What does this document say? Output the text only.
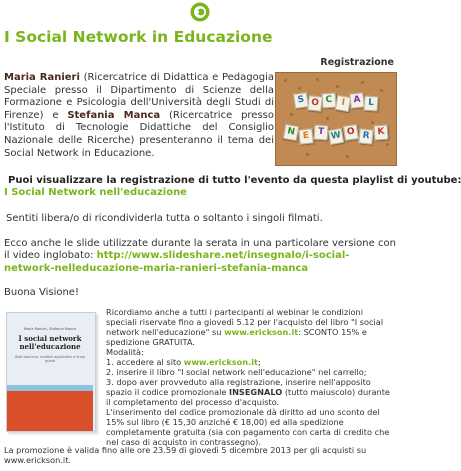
I Social Network in Educazione
Registrazione
Maria Ranieri (Ricercatrice di Didattica e Pedagogia Speciale presso il Dipartimento di Scienze della Formazione e Psicologia dell'Università degli Studi di Firenze) e Stefania Manca (Ricercatrice presso l'Istituto di Tecnologie Didattiche del Consiglio Nazionale delle Ricerche) presenteranno il tema dei Social Network in Educazione.
S O C I A L
N E T W O R K
Puoi visualizzare la registrazione di tutto l'evento da questa playlist di youtube:
I Social Network nell'educazione
Sentiti libera/o di ricondividerla tutta o soltanto i singoli filmati.
Ecco anche le slide utilizzate durante la serata in una particolare versione con il video inglobato: http://www.slideshare.net/insegnalo/i-social-network-nelleducazione-maria-ranieri-stefania-manca
Buona Visione!
Maria Ranieri, Stefania Manca
I social network nell'educazione
Basi teoriche, modelli applicativi e linee guida

Ricordiamo anche a tutti i partecipanti al webinar le condizioni speciali riservate fino a giovedì 5.12 per l'acquisto del libro "I social network nell'educazione" su www.erickson.it: SCONTO 15% e spedizione GRATUITA.

Modalità:

1. accedere al sito www.erickson.it;

2. inserire il libro "I social network nell'educazione" nel carrello;

3. dopo aver provveduto alla registrazione, inserire nell'apposito spazio il codice promozionale INSEGNALO (tutto maiuscolo) durante il completamento del processo d'acquisto.

L'inserimento del codice promozionale dà diritto ad uno sconto del 15% sul libro (€ 15,30 anziché € 18,00) ed alla spedizione completamente gratuita (sia con pagamento con carta di credito che nel caso di acquisto in contrassegno).

La promozione è valida fino alle ore 23.59 di giovedì 5 dicembre 2013 per gli acquisti su
www.erickson.it.
